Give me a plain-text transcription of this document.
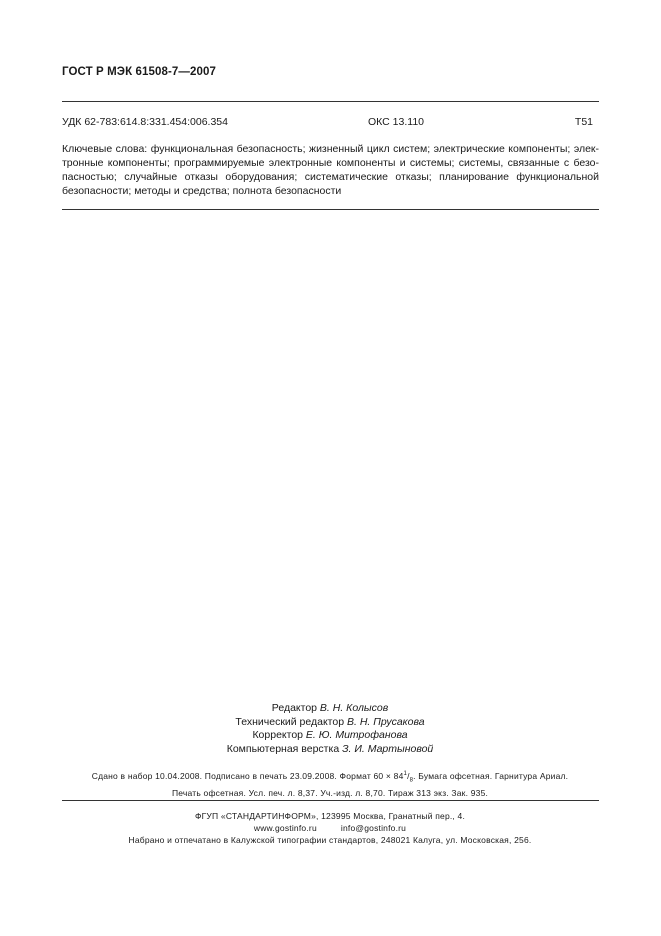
ГОСТ Р МЭК 61508-7—2007
УДК 62-783:614.8:331.454:006.354	ОКС 13.110	Т51
Ключевые слова: функциональная безопасность; жизненный цикл систем; электрические компоненты; элек-
тронные компоненты; программируемые электронные компоненты и системы; системы, связанные с безо-
пасностью; случайные отказы оборудования; систематические отказы; планирование функциональной
безопасности; методы и средства; полнота безопасности
Редактор В. Н. Колысов
Технический редактор В. Н. Прусакова
Корректор Е. Ю. Митрофанова
Компьютерная верстка З. И. Мартыновой
Сдано в набор 10.04.2008. Подписано в печать 23.09.2008. Формат $60 \times 84^1/_8$. Бумага офсетная. Гарнитура Ариал.
Печать офсетная. Усл. печ. л. 8,37. Уч.-изд. л. 8,70. Тираж 313 экз. Зак. 935.
ФГУП «СТАНДАРТИНФОРМ», 123995 Москва, Гранатный пер., 4.
www.gostinfo.ru	info@gostinfo.ru
Набрано и отпечатано в Калужской типографии стандартов, 248021 Калуга, ул. Московская, 256.
